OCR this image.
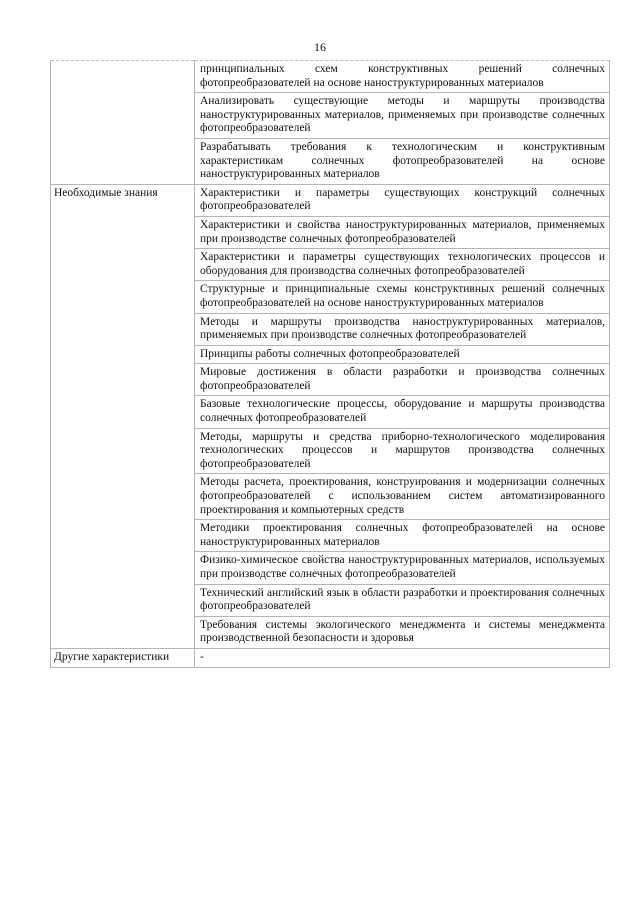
16
	принципиальных схем конструктивных решений солнечных фотопреобразователей на основе наноструктурированных материалов
	Анализировать существующие методы и маршруты производства наноструктурированных материалов, применяемых при производстве солнечных фотопреобразователей
	Разрабатывать требования к технологическим и конструктивным характеристикам солнечных фотопреобразователей на основе наноструктурированных материалов
Необходимые знания	Характеристики и параметры существующих конструкций солнечных фотопреобразователей
	Характеристики и свойства наноструктурированных материалов, применяемых при производстве солнечных фотопреобразователей
	Характеристики и параметры существующих технологических процессов и оборудования для производства солнечных фотопреобразователей
	Структурные и принципиальные схемы конструктивных решений солнечных фотопреобразователей на основе наноструктурированных материалов
	Методы и маршруты производства наноструктурированных материалов, применяемых при производстве солнечных фотопреобразователей
	Принципы работы солнечных фотопреобразователей
	Мировые достижения в области разработки и производства солнечных фотопреобразователей
	Базовые технологические процессы, оборудование и маршруты производства солнечных фотопреобразователей
	Методы, маршруты и средства приборно-технологического моделирования технологических процессов и маршрутов производства солнечных фотопреобразователей
	Методы расчета, проектирования, конструирования и модернизации солнечных фотопреобразователей с использованием систем автоматизированного проектирования и компьютерных средств
	Методики проектирования солнечных фотопреобразователей на основе наноструктурированных материалов
	Физико-химическое свойства наноструктурированных материалов, используемых при производстве солнечных фотопреобразователей
	Технический английский язык в области разработки и проектирования солнечных фотопреобразователей
	Требования системы экологического менеджмента и системы менеджмента производственной безопасности и здоровья
Другие характеристики	-
